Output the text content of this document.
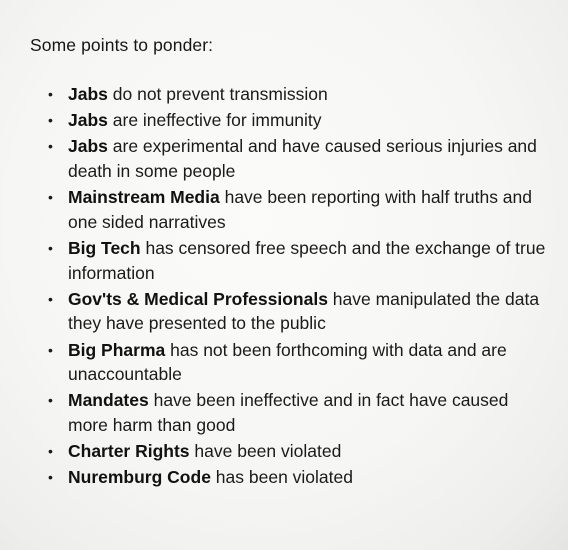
Some points to ponder:
• Jabs do not prevent transmission
• Jabs are ineffective for immunity
• Jabs are experimental and have caused serious injuries and death in some people
• Mainstream Media have been reporting with half truths and one sided narratives
• Big Tech has censored free speech and the exchange of true information
• Gov'ts & Medical Professionals have manipulated the data they have presented to the public
• Big Pharma has not been forthcoming with data and are unaccountable
• Mandates have been ineffective and in fact have caused more harm than good
• Charter Rights have been violated
• Nuremburg Code has been violated
